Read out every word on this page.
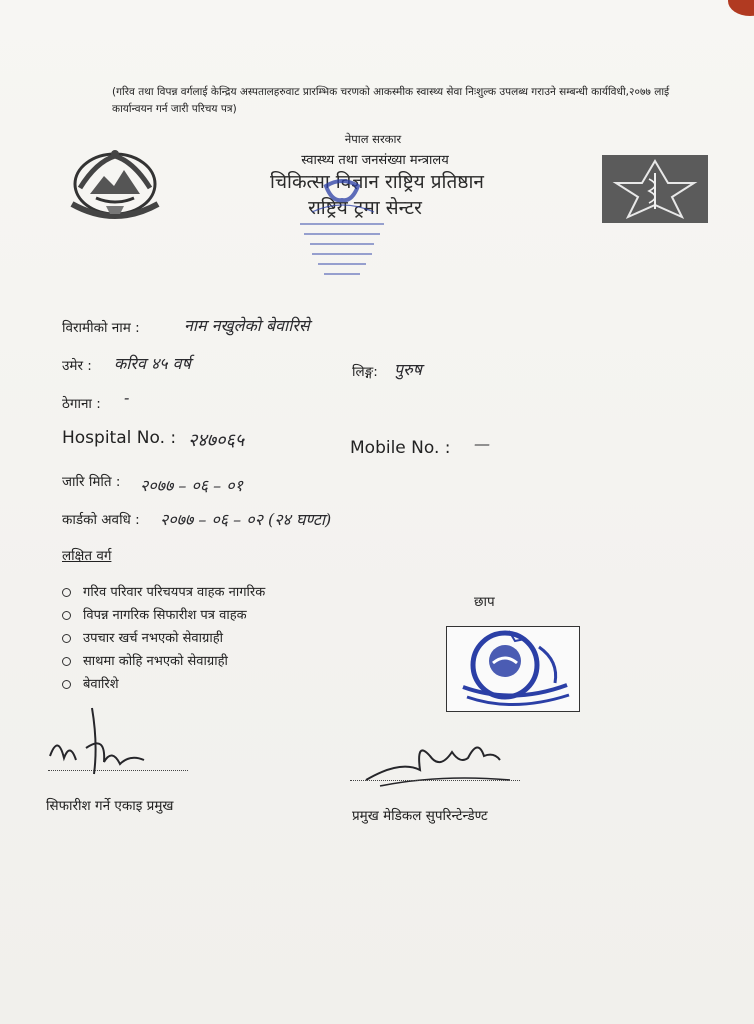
(गरिव तथा विपन्न वर्गलाई केन्द्रिय अस्पतालहरुवाट प्रारम्भिक चरणको आकस्मीक स्वास्थ्य सेवा निःशुल्क उपलब्ध गराउने सम्बन्धी कार्यविधी,२०७७ लाई कार्यान्वयन गर्न जारी परिचय पत्र)
नेपाल सरकार
स्वास्थ्य तथा जनसंख्या मन्त्रालय
चिकित्सा विज्ञान राष्ट्रिय प्रतिष्ठान
राष्ट्रिय ट्रमा सेन्टर
विरामीको नाम :	नाम नखुलेको बेवारिसे
उमेर : करिव ४५ वर्ष	लिङ्ग: पुरुष
ठेगाना : -
Hospital No. : २४७०६५	Mobile No. : —
जारि मिति : २०७७ – ०६ – ०१
कार्डको अवधि : २०७७ – ०६ – ०२ (२४ घण्टा)
लक्षित वर्ग
गरिव परिवार परिचयपत्र वाहक नागरिक
विपन्न नागरिक सिफारीश पत्र वाहक
उपचार खर्च नभएको सेवाग्राही
साथमा कोहि नभएको सेवाग्राही
बेवारिशे
छाप
सिफारीश गर्ने एकाइ प्रमुख
प्रमुख मेडिकल सुपरिन्टेन्डेण्ट
